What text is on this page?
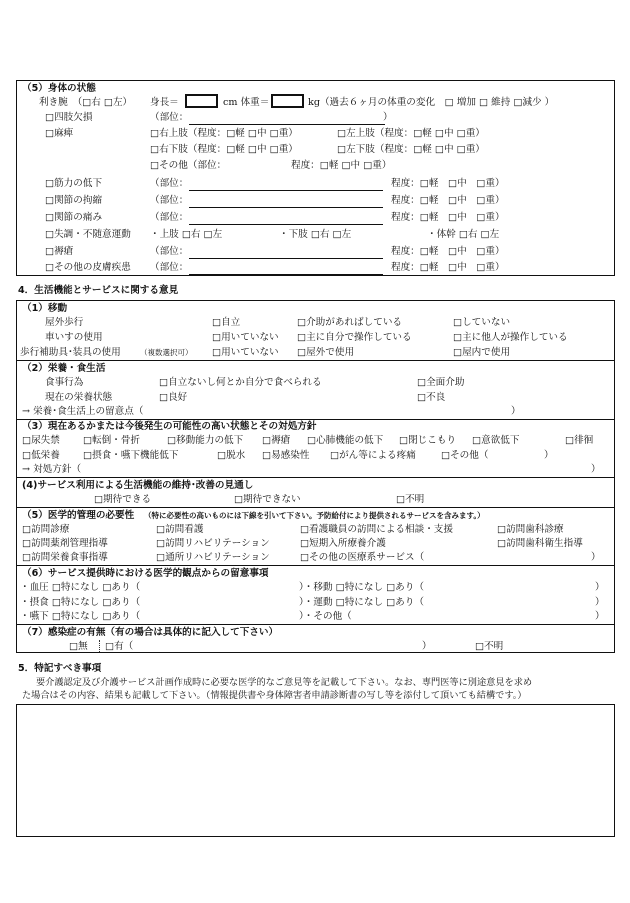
（5）身体の状態
利き腕　（□右 □左） 身長＝	cm 体重＝	kg（過去６ヶ月の体重の変化　□ 増加 □ 維持 □減少 ）
□四肢欠損	（部位：	）
□麻痺	□右上肢（程度：□軽 □中 □重）	□左上肢（程度：□軽 □中 □重）
□右下肢（程度：□軽 □中 □重）	□左下肢（程度：□軽 □中 □重）
□その他（部位：	程度：□軽 □中 □重）
□筋力の低下	（部位：	程度：□軽　□中　□重）
□関節の拘縮	（部位：	程度：□軽　□中　□重）
□関節の痛み	（部位：	程度：□軽　□中　□重）
□失調・不随意運動 ・上肢 □右 □左	・下肢 □右 □左	・体幹 □右 □左
□褥瘡	（部位：	程度：□軽　□中　□重）
□その他の皮膚疾患 （部位：	程度：□軽　□中　□重）
4．生活機能とサービスに関する意見
（1）移動
屋外歩行	□自立	□介助があればしている	□していない
車いすの使用	□用いていない □主に自分で操作している	□主に他人が操作している
歩行補助具･装具の使用	（複数選択可） □用いていない □屋外で使用	□屋内で使用
（2）栄養・食生活
食事行為	□自立ないし何とか自分で食べられる	□全面介助
現在の栄養状態	□良好	□不良
→ 栄養･食生活上の留意点（	）
（3）現在あるかまたは今後発生の可能性の高い状態とその対処方針
□尿失禁 □転倒・骨折	□移動能力の低下 □褥瘡 □心肺機能の低下 □閉じこもり □意欲低下	□徘徊
□低栄養 □摂食・嚥下機能低下	□脱水 □易感染性 □がん等による疼痛	□その他（	）
→ 対処方針（	）
(4)サービス利用による生活機能の維持･改善の見通し
□期待できる	□期待できない	□不明
（5）医学的管理の必要性 （特に必要性の高いものには下線を引いて下さい。予防給付により提供されるサービスを含みます。）
□訪問診療	□訪問看護	□看護職員の訪問による相談・支援	□訪問歯科診療
□訪問薬剤管理指導	□訪問リハビリテーション	□短期入所療養介護	□訪問歯科衛生指導
□訪問栄養食事指導	□通所リハビリテーション	□その他の医療系サービス（	）
（6）サービス提供時における医学的観点からの留意事項
・血圧 □特になし □あり（	）・移動 □特になし □あり（	）
・摂食 □特になし □あり（	）・運動 □特になし □あり（	）
・嚥下 □特になし □あり（	）・その他（	）
（7）感染症の有無（有の場合は具体的に記入して下さい）
□無 □有（	）	□不明
5．特記すべき事項
要介護認定及び介護サービス計画作成時に必要な医学的なご意見等を記載して下さい。なお、専門医等に別途意見を求め
た場合はその内容、結果も記載して下さい。（情報提供書や身体障害者申請診断書の写し等を添付して頂いても結構です。）
